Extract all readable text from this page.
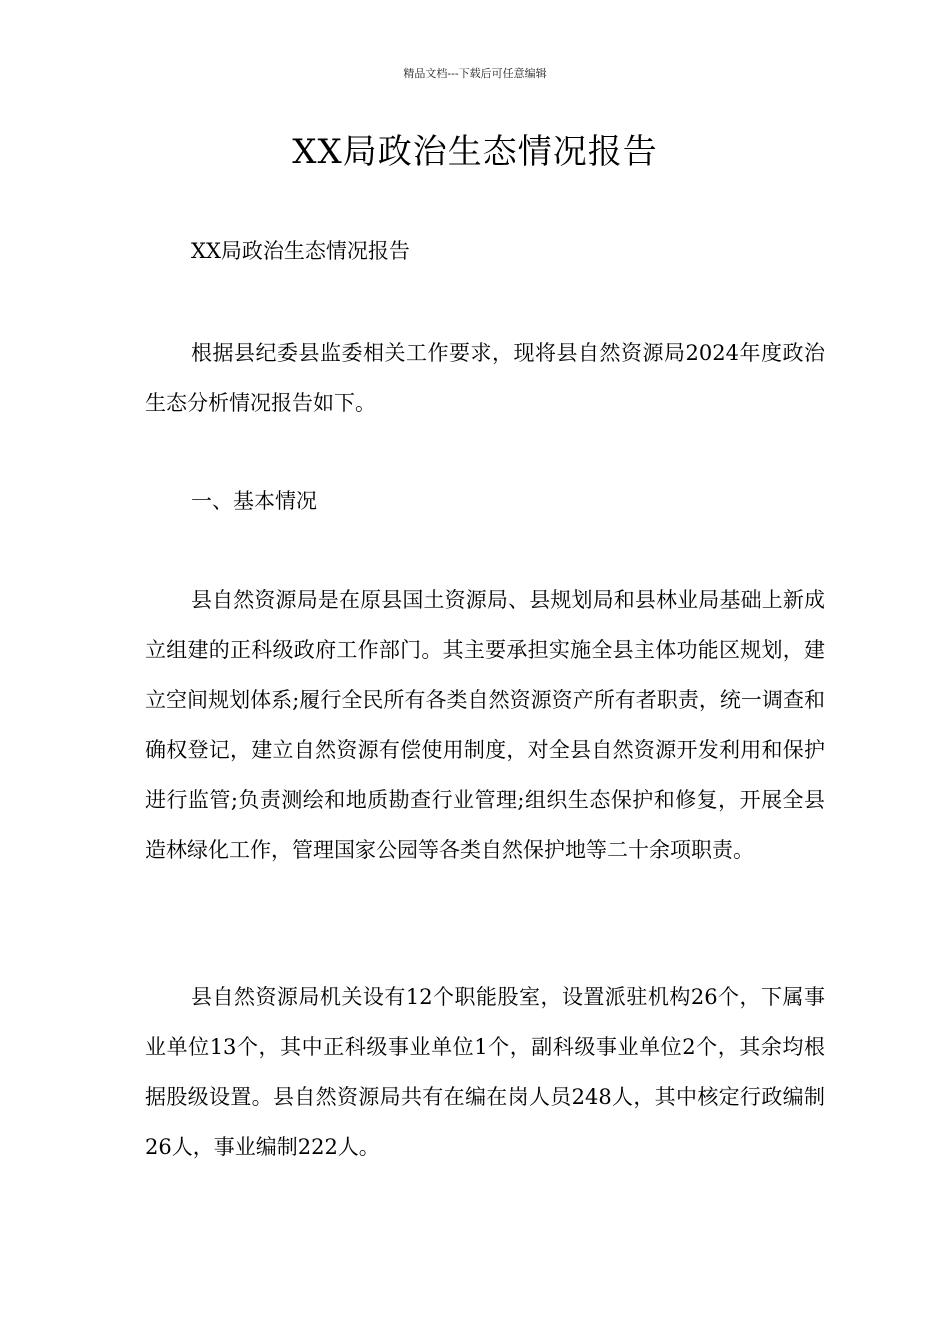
精品文档---下载后可任意编辑
XX局政治生态情况报告

XX局政治生态情况报告

根据县纪委县监委相关工作要求，现将县自然资源局2024年度政治生态分析情况报告如下。

一、基本情况

县自然资源局是在原县国土资源局、县规划局和县林业局基础上新成立组建的正科级政府工作部门。其主要承担实施全县主体功能区规划，建立空间规划体系;履行全民所有各类自然资源资产所有者职责，统一调查和确权登记，建立自然资源有偿使用制度，对全县自然资源开发利用和保护进行监管;负责测绘和地质勘查行业管理;组织生态保护和修复，开展全县造林绿化工作，管理国家公园等各类自然保护地等二十余项职责。

县自然资源局机关设有12个职能股室，设置派驻机构26个，下属事业单位13个，其中正科级事业单位1个，副科级事业单位2个，其余均根据股级设置。县自然资源局共有在编在岗人员248人，其中核定行政编制26人，事业编制222人。
